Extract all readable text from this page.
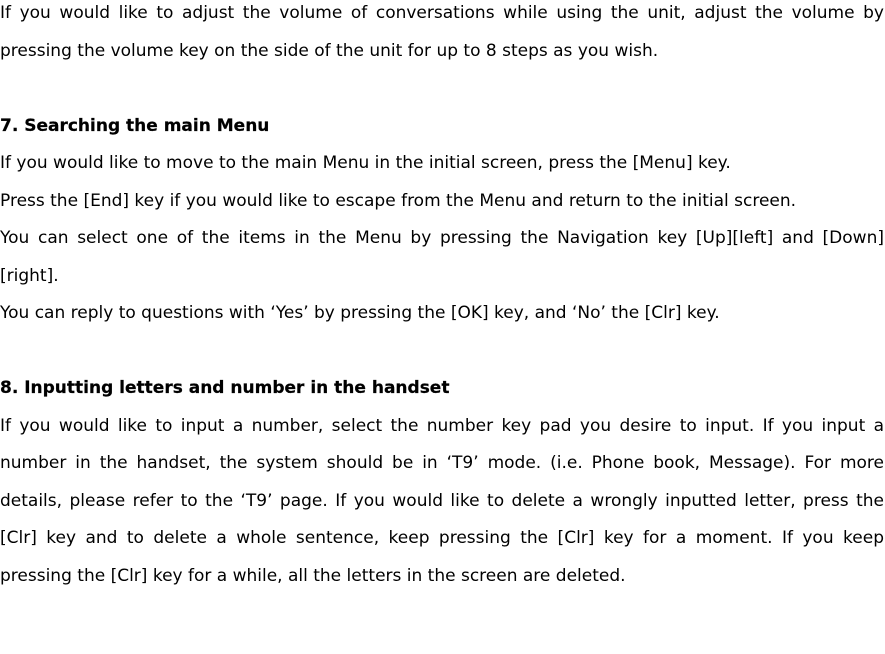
If you would like to adjust the volume of conversations while using the unit, adjust the volume by pressing the volume key on the side of the unit for up to 8 steps as you wish.

7. Searching the main Menu

If you would like to move to the main Menu in the initial screen, press the [Menu] key.

Press the [End] key if you would like to escape from the Menu and return to the initial screen.

You can select one of the items in the Menu by pressing the Navigation key [Up][left] and [Down][right].

You can reply to questions with ‘Yes’ by pressing the [OK] key, and ‘No’ the [Clr] key.

8. Inputting letters and number in the handset

If you would like to input a number, select the number key pad you desire to input. If you input a number in the handset, the system should be in ‘T9’ mode. (i.e. Phone book, Message). For more details, please refer to the ‘T9’ page. If you would like to delete a wrongly inputted letter, press the [Clr] key and to delete a whole sentence, keep pressing the [Clr] key for a moment. If you keep pressing the [Clr] key for a while, all the letters in the screen are deleted.
